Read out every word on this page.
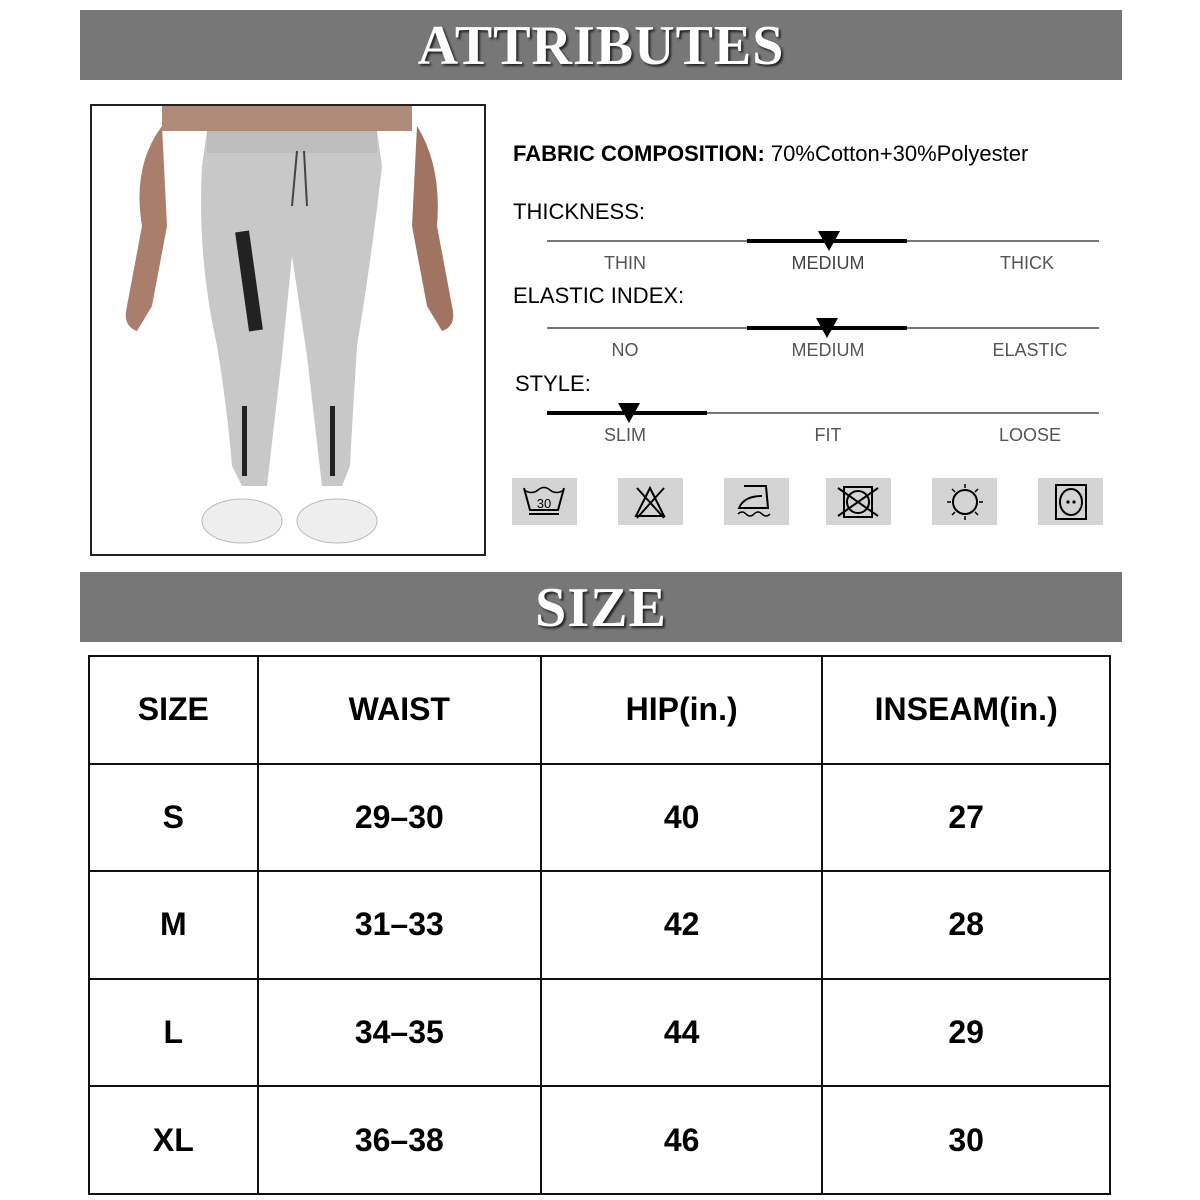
ATTRIBUTES
FABRIC COMPOSITION: 70%Cotton+30%Polyester
THICKNESS:
THIN	MEDIUM	THICK
ELASTIC INDEX:
NO	MEDIUM	ELASTIC
STYLE:
SLIM	FIT	LOOSE
30
SIZE
SIZE	WAIST	HIP(in.)	INSEAM(in.)
S	29–30	40	27
M	31–33	42	28
L	34–35	44	29
XL	36–38	46	30
